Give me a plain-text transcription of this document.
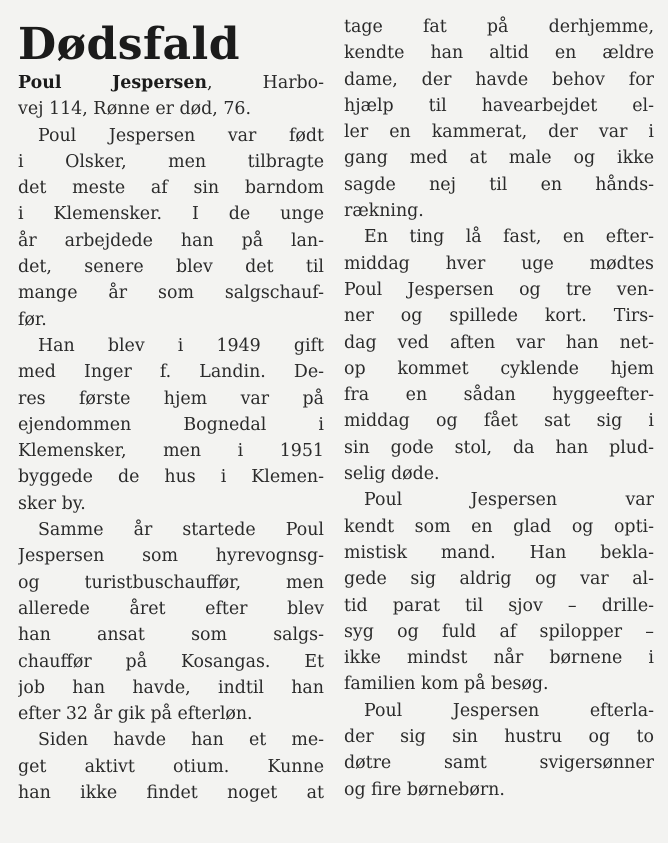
Dødsfald
Poul Jespersen, Harbo-
vej 114, Rønne er død, 76.
Poul Jespersen var født
i Olsker, men tilbragte
det meste af sin barndom
i Klemensker. I de unge
år arbejdede han på lan-
det, senere blev det til
mange år som salgschauf-
før.
Han blev i 1949 gift
med Inger f. Landin. De-
res første hjem var på
ejendommen Bognedal i
Klemensker, men i 1951
byggede de hus i Klemen-
sker by.
Samme år startede Poul
Jespersen som hyrevognsg-
og turistbuschauffør, men
allerede året efter blev
han ansat som salgs-
chauffør på Kosangas. Et
job han havde, indtil han
efter 32 år gik på efterløn.
Siden havde han et me-
get aktivt otium. Kunne
han ikke findet noget at
tage fat på derhjemme,
kendte han altid en ældre
dame, der havde behov for
hjælp til havearbejdet el-
ler en kammerat, der var i
gang med at male og ikke
sagde nej til en hånds-
rækning.
En ting lå fast, en efter-
middag hver uge mødtes
Poul Jespersen og tre ven-
ner og spillede kort. Tirs-
dag ved aften var han net-
op kommet cyklende hjem
fra en sådan hyggeefter-
middag og fået sat sig i
sin gode stol, da han plud-
selig døde.
Poul Jespersen var
kendt som en glad og opti-
mistisk mand. Han bekla-
gede sig aldrig og var al-
tid parat til sjov – drille-
syg og fuld af spilopper –
ikke mindst når børnene i
familien kom på besøg.
Poul Jespersen efterla-
der sig sin hustru og to
døtre samt svigersønner
og fire børnebørn.
